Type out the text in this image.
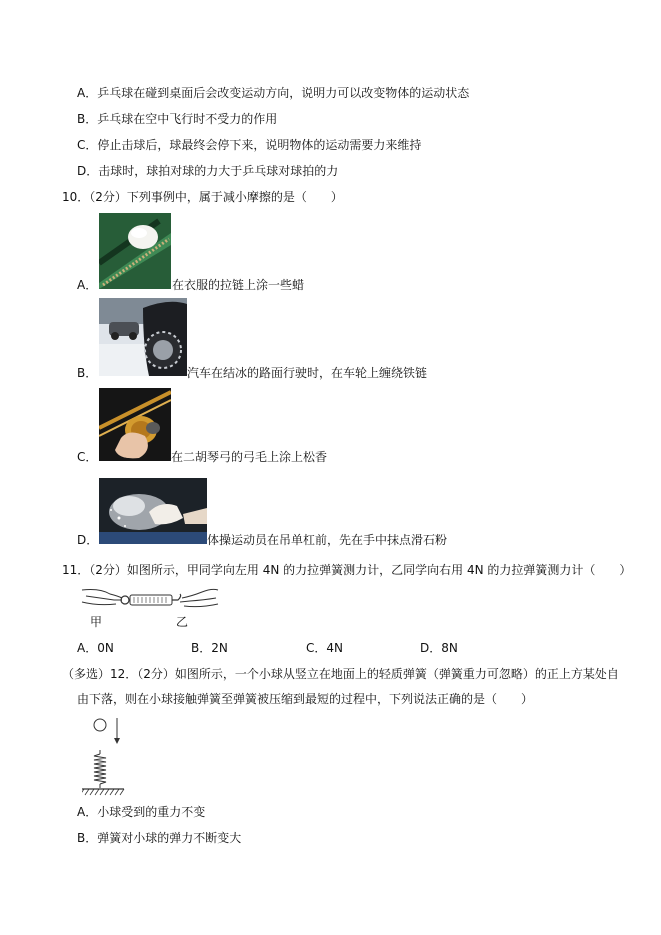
A．乒乓球在碰到桌面后会改变运动方向，说明力可以改变物体的运动状态
B．乒乓球在空中飞行时不受力的作用
C．停止击球后，球最终会停下来，说明物体的运动需要力来维持
D．击球时，球拍对球的力大于乒乓球对球拍的力
10．（2分）下列事例中，属于减小摩擦的是（　　）
A．	在衣服的拉链上涂一些蜡
B．	汽车在结冰的路面行驶时，在车轮上缠绕铁链
C．	在二胡琴弓的弓毛上涂上松香
D．	体操运动员在吊单杠前，先在手中抹点滑石粉
11．（2分）如图所示，甲同学向左用 4N 的力拉弹簧测力计，乙同学向右用 4N 的力拉弹簧测力计（　　）
甲	乙
A．0N	B．2N	C．4N	D．8N
（多选）12．（2分）如图所示，一个小球从竖立在地面上的轻质弹簧（弹簧重力可忽略）的正上方某处自
由下落，则在小球接触弹簧至弹簧被压缩到最短的过程中，下列说法正确的是（　　）
A．小球受到的重力不变
B．弹簧对小球的弹力不断变大
